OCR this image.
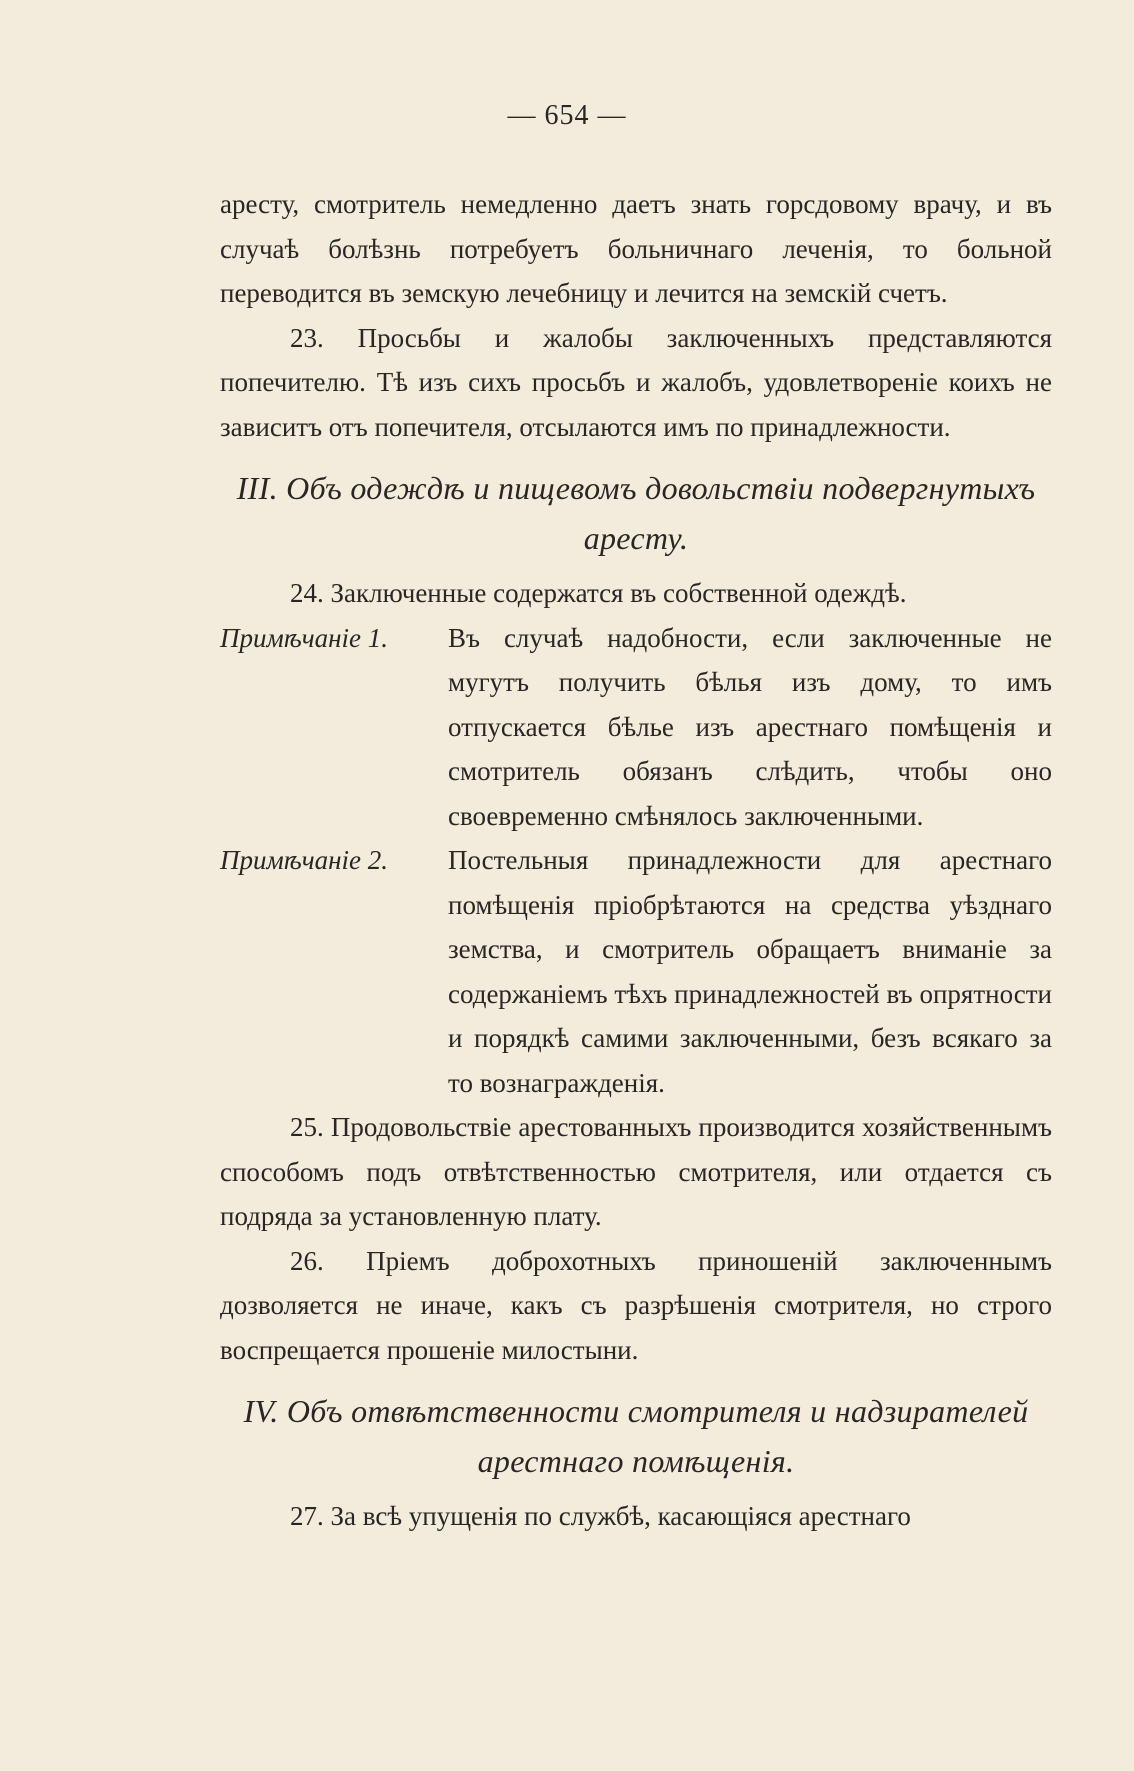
— 654 —

аресту, смотритель немедленно даетъ знать горсдовому врачу, и въ случаѣ болѣзнь потребуетъ больничнаго леченія, то больной переводится въ земскую лечебницу и лечится на земскій счетъ.

23. Просьбы и жалобы заключенныхъ представляются попечителю. Тѣ изъ сихъ просьбъ и жалобъ, удовлетвореніе коихъ не зависитъ отъ попечителя, отсылаются имъ по принадлежности.

III. Объ одеждѣ и пищевомъ довольствіи подвергнутыхъ аресту.

24. Заключенные содержатся въ собственной одеждѣ.

Примѣчаніе 1.	Въ случаѣ надобности, если заключенные не мугутъ получить бѣлья изъ дому, то имъ отпускается бѣлье изъ арестнаго помѣщенія и смотритель обязанъ слѣдить, чтобы оно своевременно смѣнялось заключенными.

Примѣчаніе 2.	Постельныя принадлежности для арестнаго помѣщенія пріобрѣтаются на средства уѣзднаго земства, и смотритель обращаетъ вниманіе за содержаніемъ тѣхъ принадлежностей въ опрятности и порядкѣ самими заключенными, безъ всякаго за то вознагражденія.

25. Продовольствіе арестованныхъ производится хозяйственнымъ способомъ подъ отвѣтственностью смотрителя, или отдается съ подряда за установленную плату.

26. Пріемъ доброхотныхъ приношеній заключеннымъ дозволяется не иначе, какъ съ разрѣшенія смотрителя, но строго воспрещается прошеніе милостыни.

IV. Объ отвѣтственности смотрителя и надзирателей арестнаго помѣщенія.

27. За всѣ упущенія по службѣ, касающіяся арестнаго
